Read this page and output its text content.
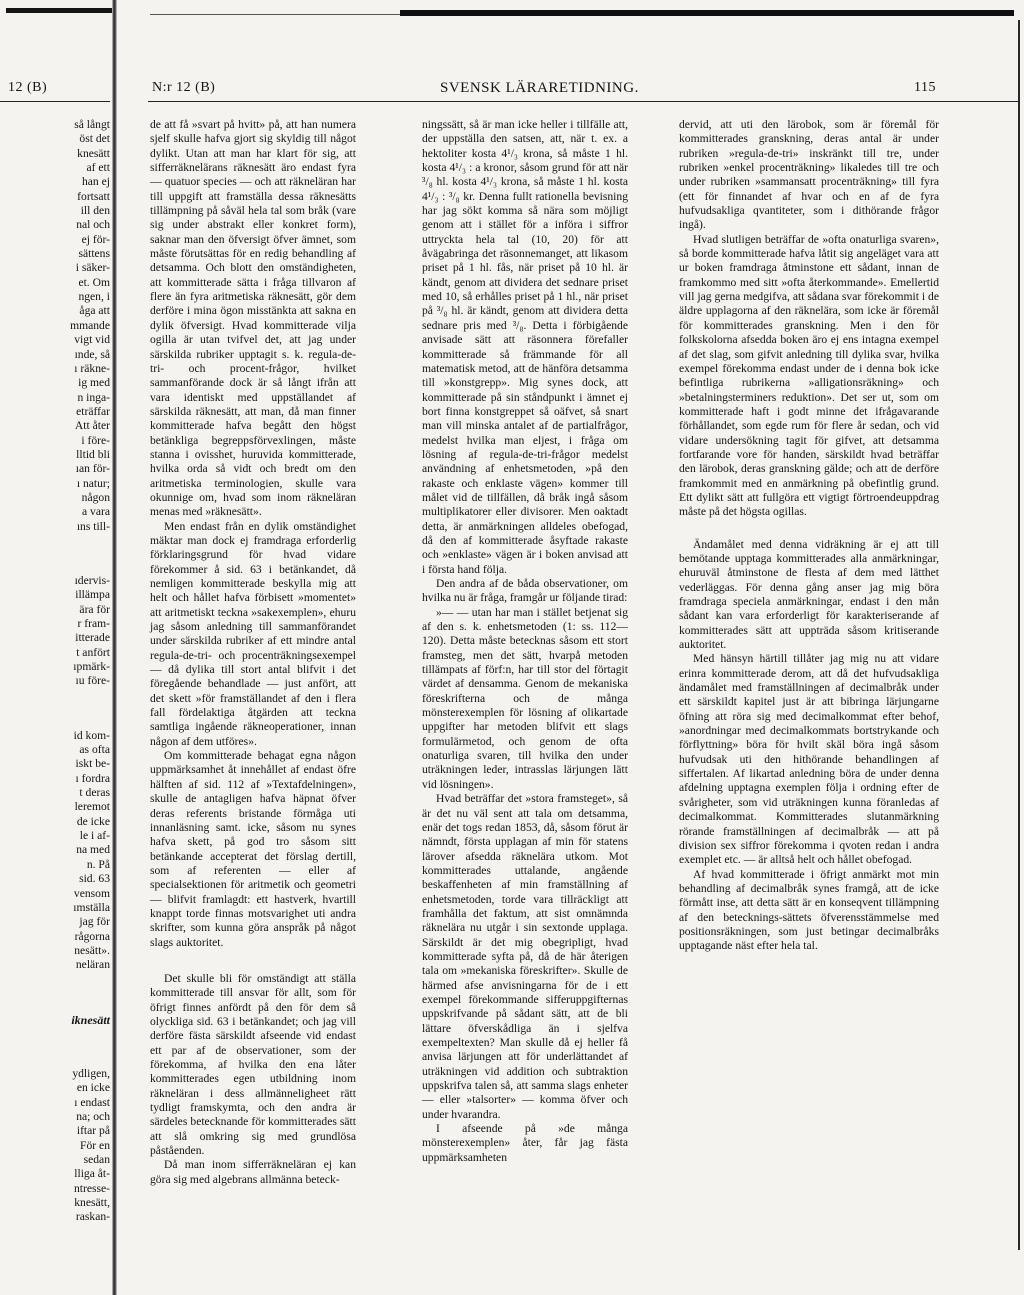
12 (B)	N:r 12 (B)	SVENSK LÄRARETIDNING.	115
så långt
öst det
knesätt
af ett
han ej
fortsatt
ill den
nal och
ej för-
sättens
i säker-
et. Om
ngen, i
åga att
mmande
vigt vid
ınde, så
ı räkne-
ig med
n inga-
eträffar
Att åter
i före-
lltid bli
ıan för-
ı natur;
någon
a vara
ıns till-
ıdervis-
illämpa
ära för
r fram-
itterade
t anfört
ıpmärk-
ıu före-
id kom-
as ofta
iskt be-
ı fordra
t deras
leremot
de icke
le i af-
na med
n. På
sid. 63
vensom
ımställa
jag för
rågorna
nesätt».
neläran
iknesätt
ydligen,
en icke
ı endast
na; och
iftar på
För en
sedan
lliga åt-
ntresse-
knesätt,
raskan-

de att få »svart på hvitt» på, att han numera sjelf skulle hafva gjort sig skyldig till något dylikt. Utan att man har klart för sig, att sifferräknelärans räknesätt äro endast fyra — quatuor species — och att räkneläran har till uppgift att framställa dessa räknesätts tillämpning på såväl hela tal som bråk (vare sig under abstrakt eller konkret form), saknar man den öfversigt öfver ämnet, som måste förutsättas för en redig behandling af detsamma. Och blott den omständigheten, att kommitterade sätta i fråga tillvaron af flere än fyra aritmetiska räknesätt, gör dem derföre i mina ögon misstänkta att sakna en dylik öfversigt. Hvad kommitterade vilja ogilla är utan tvifvel det, att jag under särskilda rubriker upptagit s. k. regula-de-tri- och procent-frågor, hvilket sammanförande dock är så långt ifrån att vara identiskt med uppställandet af särskilda räknesätt, att man, då man finner kommitterade hafva begått den högst betänkliga begreppsförvexlingen, måste stanna i ovisshet, huruvida kommitterade, hvilka orda så vidt och bredt om den aritmetiska terminologien, skulle vara okunnige om, hvad som inom räkneläran menas med »räknesätt».

Men endast från en dylik omständighet mäktar man dock ej framdraga erforderlig förklaringsgrund för hvad vidare förekommer å sid. 63 i betänkandet, då nemligen kommitterade beskylla mig att helt och hållet hafva förbisett »momentet» att aritmetiskt teckna »sakexemplen», ehuru jag såsom anledning till sammanförandet under särskilda rubriker af ett mindre antal regula-de-tri- och procenträkningsexempel — då dylika till stort antal blifvit i det föregående behandlade — just anfört, att det skett »för framställandet af den i flera fall fördelaktiga åtgärden att teckna samtliga ingående räkneoperationer, innan någon af dem utföres».

Om kommitterade behagat egna någon uppmärksamhet åt innehållet af endast öfre hälften af sid. 112 af »Textafdelningen», skulle de antagligen hafva häpnat öfver deras referents bristande förmåga uti innanläsning samt. icke, såsom nu synes hafva skett, på god tro såsom sitt betänkande accepterat det förslag dertill, som af referenten — eller af specialsektionen för aritmetik och geometri — blifvit framlagdt: ett hastverk, hvartill knappt torde finnas motsvarighet uti andra skrifter, som kunna göra anspråk på något slags auktoritet.

Det skulle bli för omständigt att ställa kommitterade till ansvar för allt, som för öfrigt finnes anfördt på den för dem så olyckliga sid. 63 i betänkandet; och jag vill derföre fästa särskildt afseende vid endast ett par af de observationer, som der förekomma, af hvilka den ena låter kommitterades egen utbildning inom räkneläran i dess allmänneligheet rätt tydligt framskymta, och den andra är särdeles betecknande för kommitterades sätt att slå omkring sig med grundlösa påståenden.

Då man inom sifferräkneläran ej kan göra sig med algebrans allmänna beteck-

ningssätt, så är man icke heller i tillfälle att, der uppställa den satsen, att, när t. ex. a hektoliter kosta 4¹/₃ krona, så måste 1 hl. kosta 4¹/₃ : a kronor, såsom grund för att när ³/₈ hl. kosta 4¹/₃ krona, så måste 1 hl. kosta 4¹/₃ : ³/₈ kr. Denna fullt rationella bevisning har jag sökt komma så nära som möjligt genom att i stället för a införa i siffror uttryckta hela tal (10, 20) för att åvägabringa det räsonnemanget, att likasom priset på 1 hl. fås, när priset på 10 hl. är kändt, genom att dividera det sednare priset med 10, så erhålles priset på 1 hl., när priset på ³/₈ hl. är kändt, genom att dividera detta sednare pris med ³/₈. Detta i förbigående anvisade sätt att räsonnera förefaller kommitterade så främmande för all matematisk metod, att de hänföra detsamma till »konstgrepp». Mig synes dock, att kommitterade på sin ståndpunkt i ämnet ej bort finna konstgreppet så oäfvet, så snart man vill minska antalet af de partialfrågor, medelst hvilka man eljest, i fråga om lösning af regula-de-tri-frågor medelst användning af enhetsmetoden, »på den rakaste och enklaste vägen» kommer till målet vid de tillfällen, då bråk ingå såsom multiplikatorer eller divisorer. Men oaktadt detta, är anmärkningen alldeles obefogad, då den af kommitterade åsyftade rakaste och »enklaste» vägen är i boken anvisad att i första hand följa.

Den andra af de båda observationer, om hvilka nu är fråga, framgår ur följande tirad:

»— — utan har man i stället betjenat sig af den s. k. enhetsmetoden (1: ss. 112—120). Detta måste betecknas såsom ett stort framsteg, men det sätt, hvarpå metoden tillämpats af förf:n, har till stor del förtagit värdet af densamma. Genom de mekaniska föreskrifterna och de många mönsterexemplen för lösning af olikartade uppgifter har metoden blifvit ett slags formulärmetod, och genom de ofta onaturliga svaren, till hvilka den under uträkningen leder, intrasslas lärjungen lätt vid lösningen».

Hvad beträffar det »stora framsteget», så är det nu väl sent att tala om detsamma, enär det togs redan 1853, då, såsom förut är nämndt, första upplagan af min för statens lärover afsedda räknelära utkom. Mot kommitterades uttalande, angående beskaffenheten af min framställning af enhetsmetoden, torde vara tillräckligt att framhålla det faktum, att sist omnämnda räknelära nu utgår i sin sextonde upplaga. Särskildt är det mig obegripligt, hvad kommitterade syfta på, då de här återigen tala om »mekaniska föreskrifter». Skulle de härmed afse anvisningarna för de i ett exempel förekommande sifferuppgifternas uppskrifvande på sådant sätt, att de bli lättare öfverskådliga än i sjelfva exempeltexten? Man skulle då ej heller få anvisa lärjungen att för underlättandet af uträkningen vid addition och subtraktion uppskrifva talen så, att samma slags enheter — eller »talsorter» — komma öfver och under hvarandra.

I afseende på »de många mönsterexemplen» åter, får jag fästa uppmärksamheten

dervid, att uti den lärobok, som är föremål för kommitterades granskning, deras antal är under rubriken »regula-de-tri» inskränkt till tre, under rubriken »enkel procenträkning» likaledes till tre och under rubriken »sammansatt procenträkning» till fyra (ett för finnandet af hvar och en af de fyra hufvudsakliga qvantiteter, som i dithörande frågor ingå).

Hvad slutligen beträffar de »ofta onaturliga svaren», så borde kommitterade hafva låtit sig angeläget vara att ur boken framdraga åtminstone ett sådant, innan de framkommo med sitt »ofta återkommande». Emellertid vill jag gerna medgifva, att sådana svar förekommit i de äldre upplagorna af den räknelära, som icke är föremål för kommitterades granskning. Men i den för folkskolorna afsedda boken äro ej ens intagna exempel af det slag, som gifvit anledning till dylika svar, hvilka exempel förekomma endast under de i denna bok icke befintliga rubrikerna »alligationsräkning» och »betalningsterminers reduktion». Det ser ut, som om kommitterade haft i godt minne det ifrågavarande förhållandet, som egde rum för flere år sedan, och vid vidare undersökning tagit för gifvet, att detsamma fortfarande vore för handen, särskildt hvad beträffar den lärobok, deras granskning gälde; och att de derföre framkommit med en anmärkning på obefintlig grund. Ett dylikt sätt att fullgöra ett vigtigt förtroendeuppdrag måste på det högsta ogillas.

Ändamålet med denna vidräkning är ej att till bemötande upptaga kommitterades alla anmärkningar, ehuruväl åtminstone de flesta af dem med lätthet vederläggas. För denna gång anser jag mig böra framdraga speciela anmärkningar, endast i den mån sådant kan vara erforderligt för karakteriserande af kommitterades sätt att uppträda såsom kritiserande auktoritet.

Med hänsyn härtill tillåter jag mig nu att vidare erinra kommitterade derom, att då det hufvudsakliga ändamålet med framställningen af decimalbråk under ett särskildt kapitel just är att bibringa lärjungarne öfning att röra sig med decimalkommat efter behof, »anordningar med decimalkommats bortstrykande och förflyttning» böra för hvilt skäl böra ingå såsom hufvudsak uti den hithörande behandlingen af siffertalen. Af likartad anledning böra de under denna afdelning upptagna exemplen följa i ordning efter de svårigheter, som vid uträkningen kunna föranledas af decimalkommat. Kommitterades slutanmärkning rörande framställningen af decimalbråk — att på division sex siffror förekomma i qvoten redan i andra exemplet etc. — är alltså helt och hållet obefogad.

Af hvad kommitterade i öfrigt anmärkt mot min behandling af decimalbråk synes framgå, att de icke förmått inse, att detta sätt är en konseqvent tillämpning af den betecknings-sättets öfverensstämmelse med positionsräkningen, som just betingar decimalbråks upptagande näst efter hela tal.
